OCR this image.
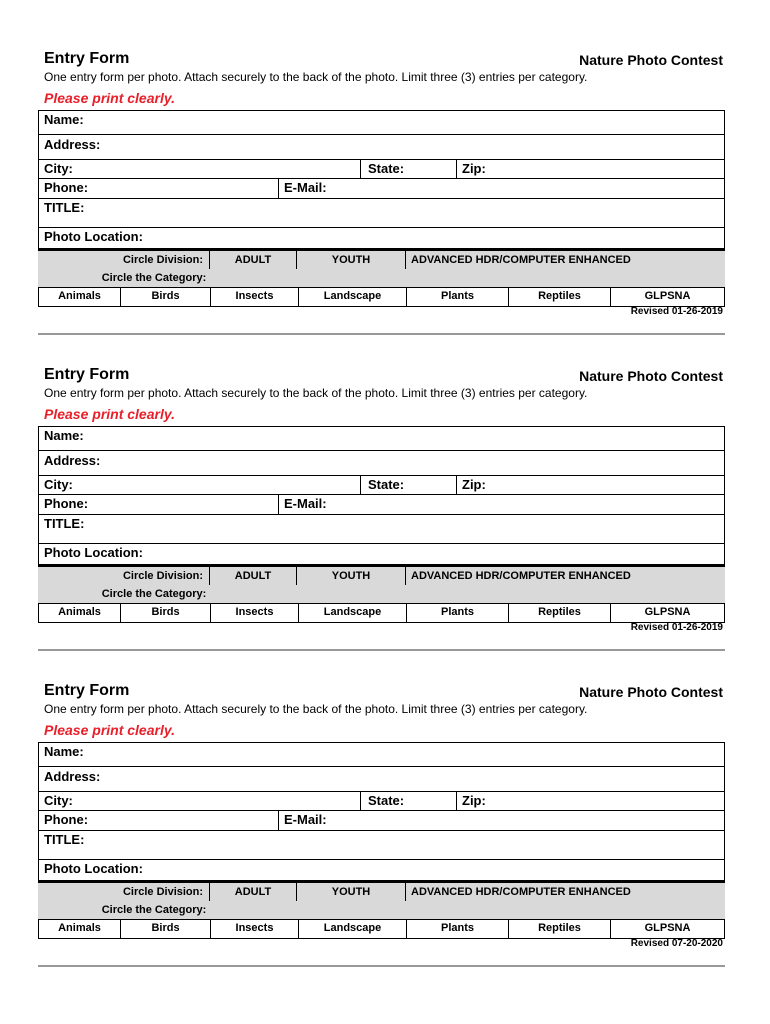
Entry Form	Nature Photo Contest
One entry form per photo. Attach securely to the back of the photo. Limit three (3) entries per category.
Please print clearly.
Name:
Address:
City:	State:	Zip:
Phone:	E-Mail:
TITLE:
Photo Location:
Circle Division:	ADULT	YOUTH	ADVANCED HDR/COMPUTER ENHANCED
Circle the Category:
Animals	Birds	Insects	Landscape	Plants	Reptiles	GLPSNA
Revised 01-26-2019
Entry Form	Nature Photo Contest
One entry form per photo. Attach securely to the back of the photo. Limit three (3) entries per category.
Please print clearly.
Name:
Address:
City:	State:	Zip:
Phone:	E-Mail:
TITLE:
Photo Location:
Circle Division:	ADULT	YOUTH	ADVANCED HDR/COMPUTER ENHANCED
Circle the Category:
Animals	Birds	Insects	Landscape	Plants	Reptiles	GLPSNA
Revised 01-26-2019
Entry Form	Nature Photo Contest
One entry form per photo. Attach securely to the back of the photo. Limit three (3) entries per category.
Please print clearly.
Name:
Address:
City:	State:	Zip:
Phone:	E-Mail:
TITLE:
Photo Location:
Circle Division:	ADULT	YOUTH	ADVANCED HDR/COMPUTER ENHANCED
Circle the Category:
Animals	Birds	Insects	Landscape	Plants	Reptiles	GLPSNA
Revised 07-20-2020
